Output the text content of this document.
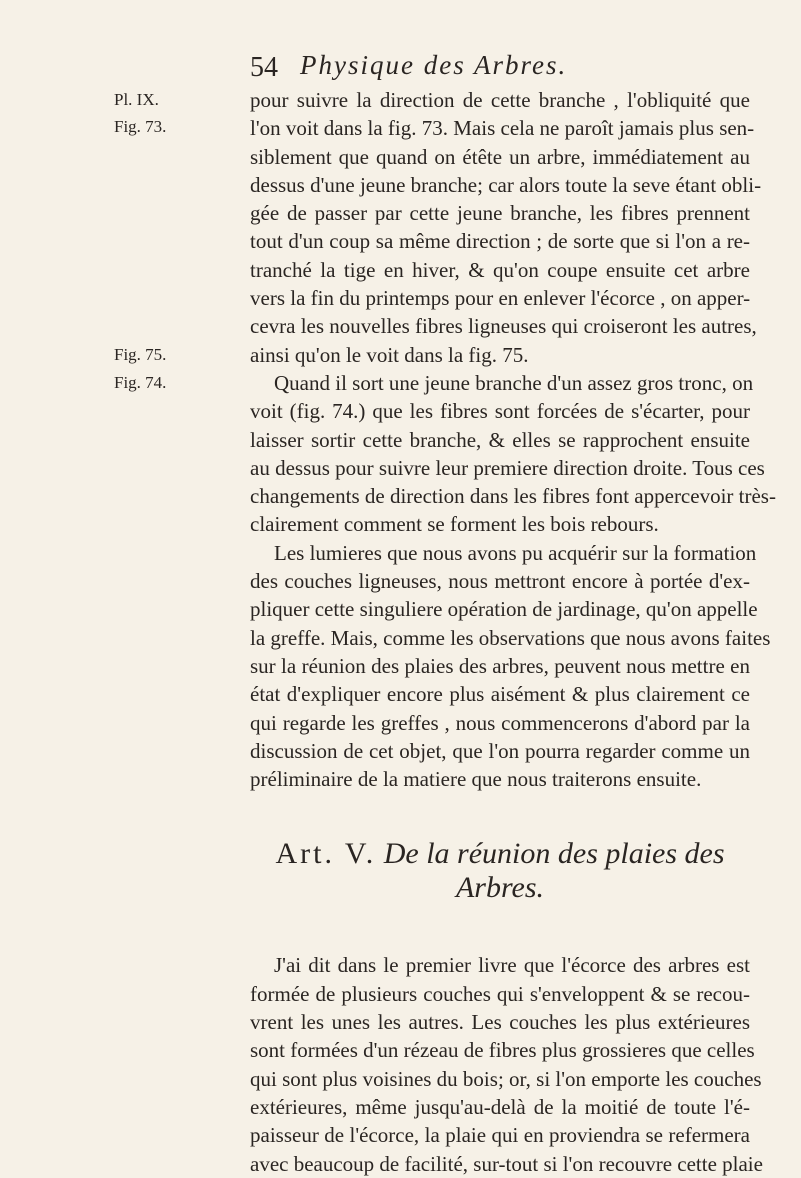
54 Physique des Arbres.
Pl. IX.
Fig. 73.
Fig. 75.
Fig. 74.
pour suivre la direction de cette branche , l'obliquité que
l'on voit dans la fig. 73. Mais cela ne paroît jamais plus sen-
siblement que quand on étête un arbre, immédiatement au
dessus d'une jeune branche; car alors toute la seve étant obli-
gée de passer par cette jeune branche, les fibres prennent
tout d'un coup sa même direction ; de sorte que si l'on a re-
tranché la tige en hiver, & qu'on coupe ensuite cet arbre
vers la fin du printemps pour en enlever l'écorce , on apper-
cevra les nouvelles fibres ligneuses qui croiseront les autres,
ainsi qu'on le voit dans la fig. 75.
Quand il sort une jeune branche d'un assez gros tronc, on
voit (fig. 74.) que les fibres sont forcées de s'écarter, pour
laisser sortir cette branche, & elles se rapprochent ensuite
au dessus pour suivre leur premiere direction droite. Tous ces
changements de direction dans les fibres font appercevoir très-
clairement comment se forment les bois rebours.
Les lumieres que nous avons pu acquérir sur la formation
des couches ligneuses, nous mettront encore à portée d'ex-
pliquer cette singuliere opération de jardinage, qu'on appelle
la greffe. Mais, comme les observations que nous avons faites
sur la réunion des plaies des arbres, peuvent nous mettre en
état d'expliquer encore plus aisément & plus clairement ce
qui regarde les greffes , nous commencerons d'abord par la
discussion de cet objet, que l'on pourra regarder comme un
préliminaire de la matiere que nous traiterons ensuite.
Art. V. De la réunion des plaies des
Arbres.
J'ai dit dans le premier livre que l'écorce des arbres est
formée de plusieurs couches qui s'enveloppent & se recou-
vrent les unes les autres. Les couches les plus extérieures
sont formées d'un rézeau de fibres plus grossieres que celles
qui sont plus voisines du bois; or, si l'on emporte les couches
extérieures, même jusqu'au-delà de la moitié de toute l'é-
paisseur de l'écorce, la plaie qui en proviendra se refermera
avec beaucoup de facilité, sur-tout si l'on recouvre cette plaie
